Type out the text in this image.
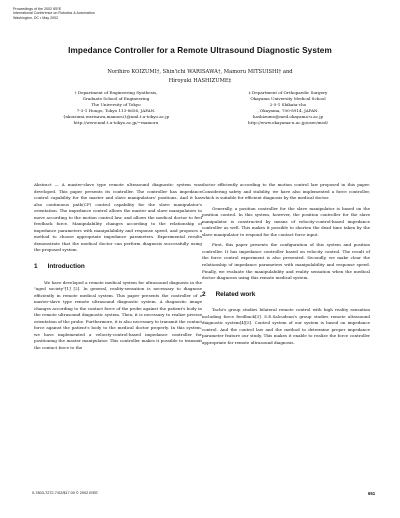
Proceedings of the 2002 IEEE
International Conference on Robotics & Automation
Washington, DC • May 2002
Impedance Controller for a Remote Ultrasound Diagnostic System
Norihiro KOIZUMI†, Shin'ichi WARISAWA†, Mamoru MITSUISHI† and
Hiroyuki HASHIZUME‡
† Department of Engineering Synthesis,
Graduate School of Engineering
The University of Tokyo
7-3-1 Hongo, Tokyo 113-8656, JAPAN.
{nkoizumi,warisawa,mamoru}@nml.t.u-tokyo.ac.jp
http://www.nml.t.u-tokyo.ac.jp/~mamoru
‡ Department of Orthopaedic Surgery
Okayama University Medical School
2-5-1 Shikata-cho
, Okayama, 700-8914, JAPAN.
hashizume@med.okayama-u.ac.jp
http://www.okayama-u.ac.jp/user/med/

Abstract — A master-slave type remote ultrasound diagnostic system was developed. This paper presents its controller. The controller has impedance control capability for the master and slave manipulators' positions. And it has also continuous path(CP) control capability for the slave manipulator's orientation. The impedance control allows the master and slave manipulators to move according to the motion control law, and allows the medical doctor to feel feedback force. Manipulability changes according to the relationship of impedance parameters with manipulability and response speed, and proposes a method to choose appropriate impedance parameters. Experimental results demonstrate that the medical doctor can perform diagnosis successfully using the proposed system.

1 Introduction

We have developed a remote medical system for ultrasound diagnosis in the "aged society"[1] [2]. In general, reality-sensation is necessary to diagnose efficiently in remote medical system. This paper presents the controller of a master-slave type remote ultrasound diagnostic system. A diagnostic image changes according to the contact force of the probe against the patient's body in the remote ultrasound diagnostic system. Then, it is necessary to realize precise orientation of the probe. Furthermore, it is also necessary to transmit the contact force against the patient's body to the medical doctor properly. In this system, we have implemented a velocity-control-based impedance controller for positioning the master manipulator. This controller makes it possible to transmit the contact force to the

doctor efficiently according to the motion control law proposed in this paper. Considering safety and stability, we have also implemented a force controller, which is suitable for efficient diagnosis by the medical doctor.

Generally, a position controller for the slave manipulator is based on the position control. In this system, however, the position controller for the slave manipulator is constructed by means of velocity-control-based impedance controller as well. This makes it possible to shorten the dead time taken by the slave manipulator to respond for the contact force input.

First, this paper presents the configuration of this system and position controller. It has impedance controller based on velocity control. The result of the force control experiment is also presented. Secondly, we make clear the relationship of impedance parameters with manipulability and response speed. Finally, we evaluate the manipulability and reality sensation when the medical doctor diagnoses using this remote medical system.

2 Related work

Tachi's group studies bilateral remote control with high reality sensation including force feedback[3]. S.E.Salcudean's group studies remote ultrasound diagnostic system[4][5]. Control system of our system is based on impedance control. And the control law and the method to determine proper impedance parameter feature our study. This makes it enable to realize the force controller appropriate for remote ultrasound diagnosis.

0-7803-7272-7/02/$17.00 © 2002 IEEE	651
